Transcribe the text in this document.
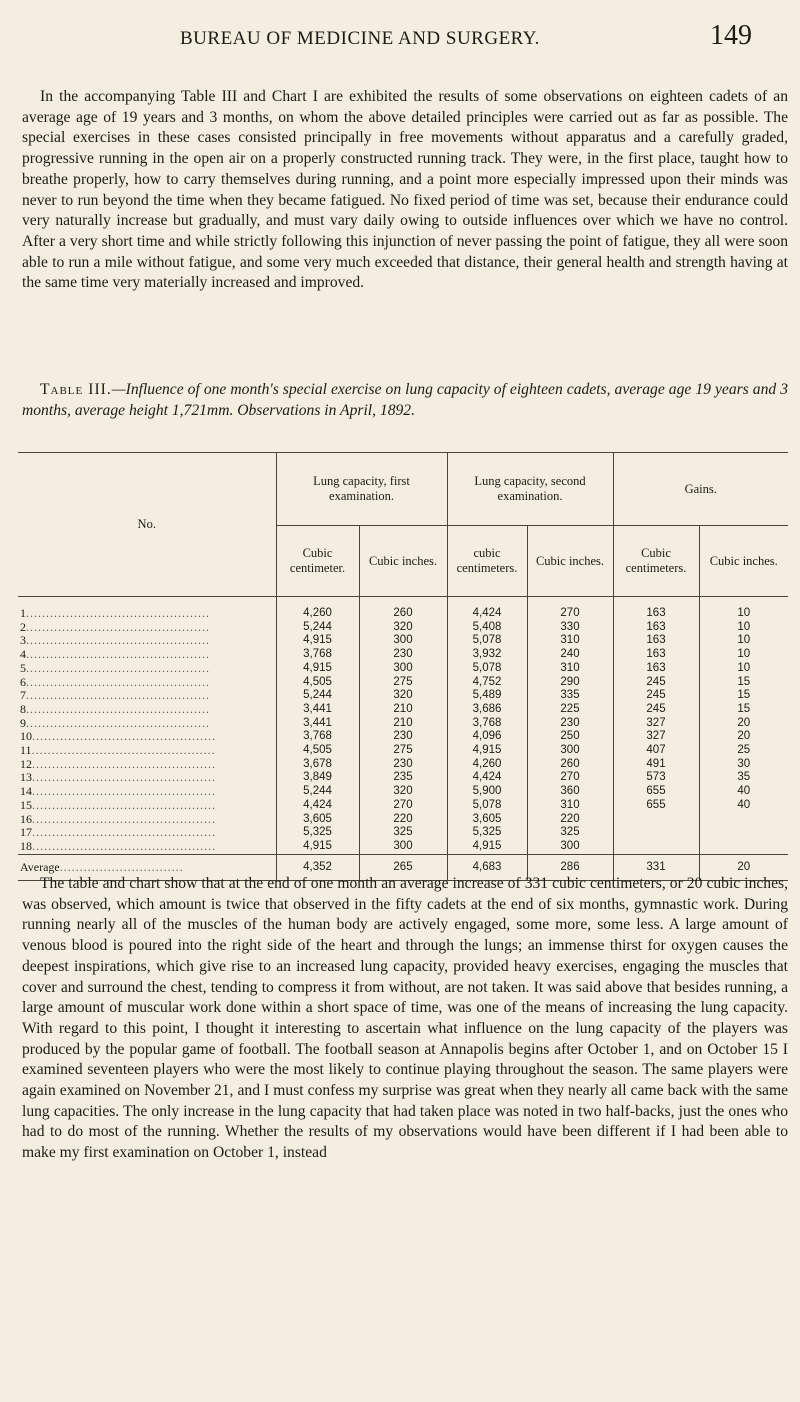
BUREAU OF MEDICINE AND SURGERY.	149

In the accompanying Table III and Chart I are exhibited the results of some observations on eighteen cadets of an average age of 19 years and 3 months, on whom the above detailed principles were carried out as far as possible. The special exercises in these cases consisted principally in free movements without apparatus and a carefully graded, progressive running in the open air on a properly constructed running track. They were, in the first place, taught how to breathe properly, how to carry themselves during running, and a point more especially impressed upon their minds was never to run beyond the time when they became fatigued. No fixed period of time was set, because their endurance could very naturally increase but gradually, and must vary daily owing to outside influences over which we have no control. After a very short time and while strictly following this injunction of never passing the point of fatigue, they all were soon able to run a mile without fatigue, and some very much exceeded that distance, their general health and strength having at the same time very materially increased and improved.

Table III.—Influence of one month's special exercise on lung capacity of eighteen cadets, average age 19 years and 3 months, average height 1,721mm. Observations in April, 1892.

No.	Lung capacity, first examination.		Lung capacity, second examination.		Gains.	
	Cubic centimeter.	Cubic inches.	cubic centimeters.	Cubic inches.	Cubic centimeters.	Cubic inches.
1..............................................	4,260	260	4,424	270	163	10
2..............................................	5,244	320	5,408	330	163	10
3..............................................	4,915	300	5,078	310	163	10
4..............................................	3,768	230	3,932	240	163	10
5..............................................	4,915	300	5,078	310	163	10
6..............................................	4,505	275	4,752	290	245	15
7..............................................	5,244	320	5,489	335	245	15
8..............................................	3,441	210	3,686	225	245	15
9..............................................	3,441	210	3,768	230	327	20
10..............................................	3,768	230	4,096	250	327	20
11..............................................	4,505	275	4,915	300	407	25
12..............................................	3,678	230	4,260	260	491	30
13..............................................	3,849	235	4,424	270	573	35
14..............................................	5,244	320	5,900	360	655	40
15..............................................	4,424	270	5,078	310	655	40
16..............................................	3,605	220	3,605	220		
17..............................................	5,325	325	5,325	325		
18..............................................	4,915	300	4,915	300		
Average...............................	4,352	265	4,683	286	331	20

The table and chart show that at the end of one month an average increase of 331 cubic centimeters, or 20 cubic inches, was observed, which amount is twice that observed in the fifty cadets at the end of six months, gymnastic work. During running nearly all of the muscles of the human body are actively engaged, some more, some less. A large amount of venous blood is poured into the right side of the heart and through the lungs; an immense thirst for oxygen causes the deepest inspirations, which give rise to an increased lung capacity, provided heavy exercises, engaging the muscles that cover and surround the chest, tending to compress it from without, are not taken. It was said above that besides running, a large amount of muscular work done within a short space of time, was one of the means of increasing the lung capacity. With regard to this point, I thought it interesting to ascertain what influence on the lung capacity of the players was produced by the popular game of football. The football season at Annapolis begins after October 1, and on October 15 I examined seventeen players who were the most likely to continue playing throughout the season. The same players were again examined on November 21, and I must confess my surprise was great when they nearly all came back with the same lung capacities. The only increase in the lung capacity that had taken place was noted in two half-backs, just the ones who had to do most of the running. Whether the results of my observations would have been different if I had been able to make my first examination on October 1, instead
